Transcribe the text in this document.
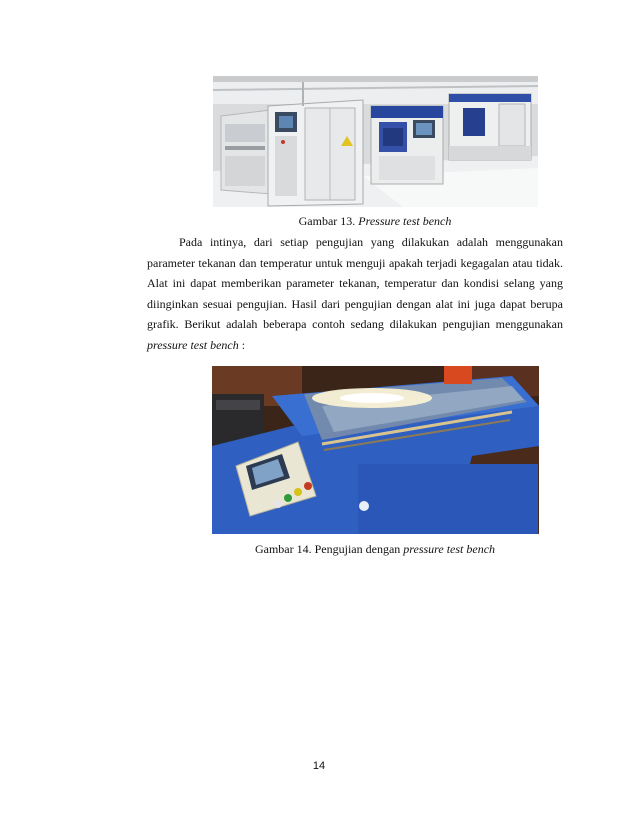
Gambar 13. Pressure test bench

Pada intinya, dari setiap pengujian yang dilakukan adalah menggunakan parameter tekanan dan temperatur untuk menguji apakah terjadi kegagalan atau tidak. Alat ini dapat memberikan parameter tekanan, temperatur dan kondisi selang yang diinginkan sesuai pengujian. Hasil dari pengujian dengan alat ini juga dapat berupa grafik. Berikut adalah beberapa contoh sedang dilakukan pengujian menggunakan pressure test bench :

Gambar 14. Pengujian dengan pressure test bench
14
